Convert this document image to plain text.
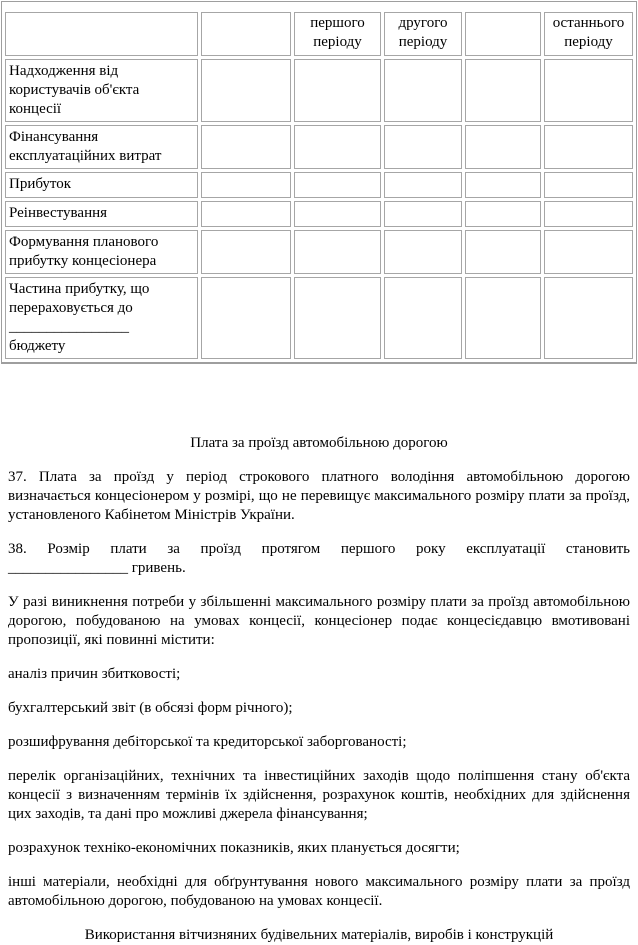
		першого періоду	другого періоду		останнього періоду
Надходження від користувачів об'єкта концесії					
Фінансування експлуатаційних витрат					
Прибуток					
Реінвестування					
Формування планового прибутку концесіонера					

Частина прибутку, що перераховується до
________________
бюджету					

Плата за проїзд автомобільною дорогою

37. Плата за проїзд у період строкового платного володіння автомобільною дорогою визначається концесіонером у розмірі, що не перевищує максимального розміру плати за проїзд, установленого Кабінетом Міністрів України.

38. Розмір плати за проїзд протягом першого року експлуатації становить
________________ гривень.

У разі виникнення потреби у збільшенні максимального розміру плати за проїзд автомобільною дорогою, побудованою на умовах концесії, концесіонер подає концесієдавцю вмотивовані пропозиції, які повинні містити:

аналіз причин збитковості;

бухгалтерський звіт (в обсязі форм річного);

розшифрування дебіторської та кредиторської заборгованості;

перелік організаційних, технічних та інвестиційних заходів щодо поліпшення стану об'єкта концесії з визначенням термінів їх здійснення, розрахунок коштів, необхідних для здійснення цих заходів, та дані про можливі джерела фінансування;

розрахунок техніко-економічних показників, яких планується досягти;

інші матеріали, необхідні для обґрунтування нового максимального розміру плати за проїзд автомобільною дорогою, побудованою на умовах концесії.

Використання вітчизняних будівельних матеріалів, виробів і конструкцій
